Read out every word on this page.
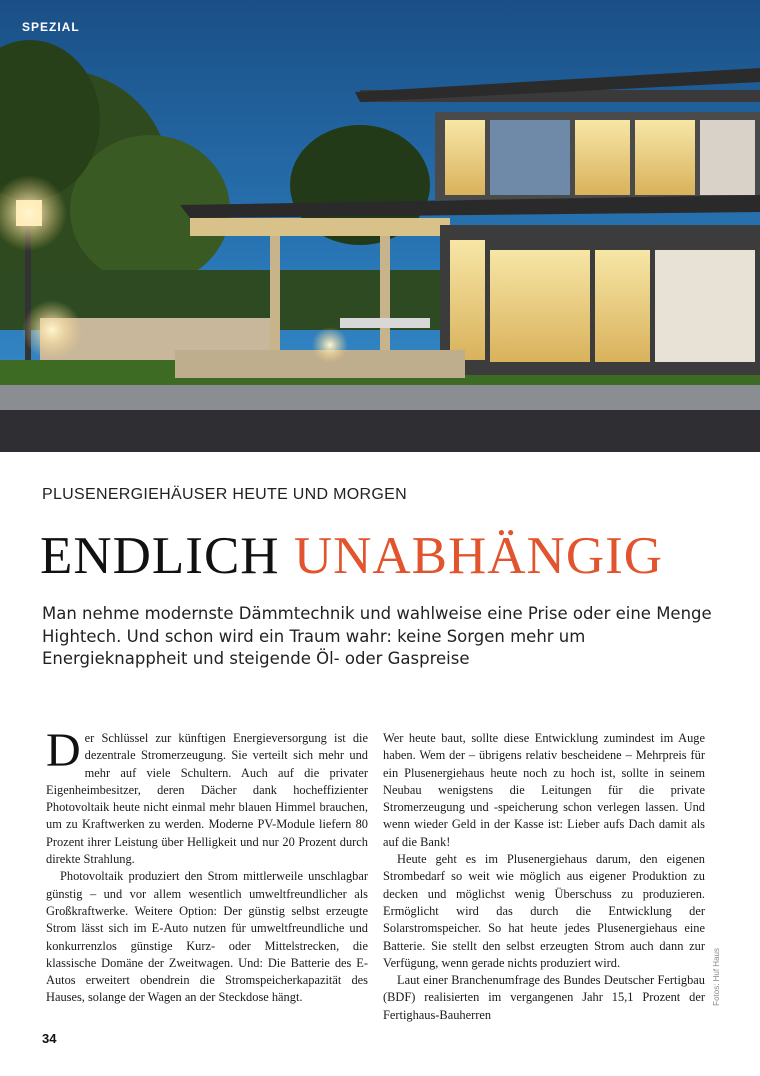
SPEZIAL
PLUSENERGIEHÄUSER HEUTE UND MORGEN
ENDLICH UNABHÄNGIG
Man nehme modernste Dämmtechnik und wahlweise eine Prise oder eine Menge Hightech. Und schon wird ein Traum wahr: keine Sorgen mehr um Energieknappheit und steigende Öl- oder Gaspreise

Der Schlüssel zur künftigen Energieversorgung ist die dezentrale Stromerzeugung. Sie verteilt sich mehr und mehr auf viele Schultern. Auch auf die privater Eigenheimbesitzer, deren Dächer dank hocheffizienter Photovoltaik heute nicht einmal mehr blauen Himmel brauchen, um zu Kraftwerken zu werden. Moderne PV-Module liefern 80 Prozent ihrer Leistung über Helligkeit und nur 20 Prozent durch direkte Strahlung.

Photovoltaik produziert den Strom mittlerweile unschlagbar günstig – und vor allem wesentlich umweltfreundlicher als Großkraftwerke. Weitere Option: Der günstig selbst erzeugte Strom lässt sich im E-Auto nutzen für umweltfreundliche und konkurrenzlos günstige Kurz- oder Mittelstrecken, die klassische Domäne der Zweitwagen. Und: Die Batterie des E-Autos erweitert obendrein die Stromspeicherkapazität des Hauses, solange der Wagen an der Steckdose hängt.

Wer heute baut, sollte diese Entwicklung zumindest im Auge haben. Wem der – übrigens relativ bescheidene – Mehrpreis für ein Plusenergiehaus heute noch zu hoch ist, sollte in seinem Neubau wenigstens die Leitungen für die private Stromerzeugung und -speicherung schon verlegen lassen. Und wenn wieder Geld in der Kasse ist: Lieber aufs Dach damit als auf die Bank!

Heute geht es im Plusenergiehaus darum, den eigenen Strombedarf so weit wie möglich aus eigener Produktion zu decken und möglichst wenig Überschuss zu produzieren. Ermöglicht wird das durch die Entwicklung der Solarstromspeicher. So hat heute jedes Plusenergiehaus eine Batterie. Sie stellt den selbst erzeugten Strom auch dann zur Verfügung, wenn gerade nichts produziert wird.

Laut einer Branchenumfrage des Bundes Deutscher Fertigbau (BDF) realisierten im vergangenen Jahr 15,1 Prozent der Fertighaus-Bauherren

Fotos: Huf Haus
34
